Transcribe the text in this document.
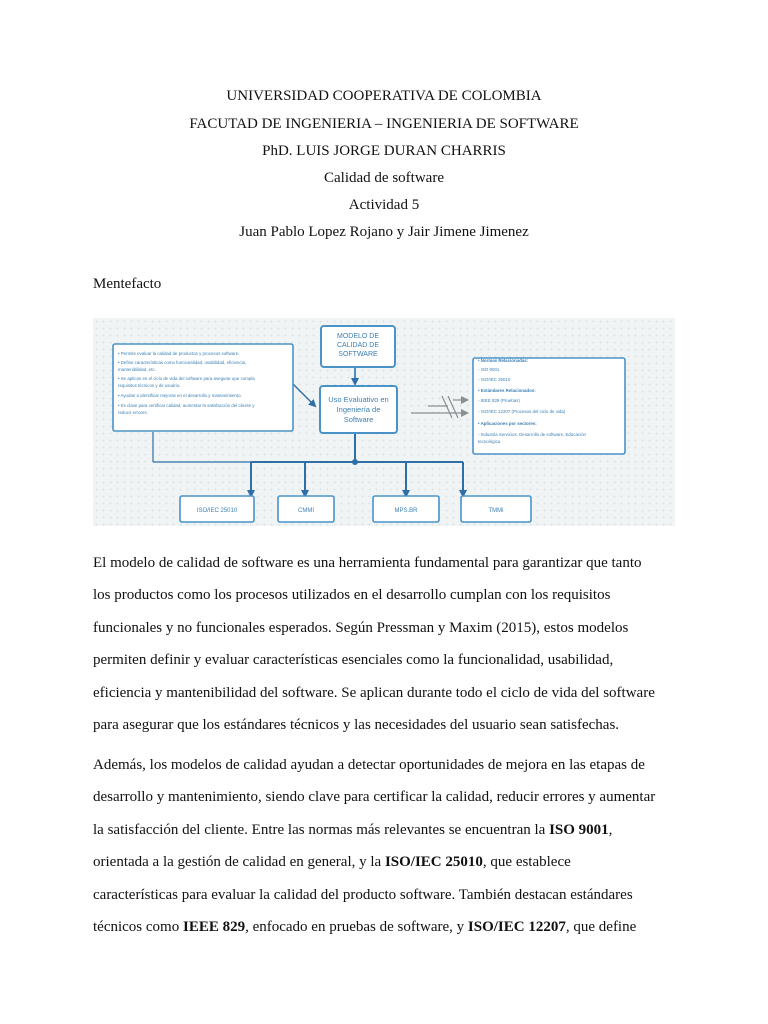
UNIVERSIDAD COOPERATIVA DE COLOMBIA
FACUTAD DE INGENIERIA – INGENIERIA DE SOFTWARE
PhD. LUIS JORGE DURAN CHARRIS
Calidad de software
Actividad 5
Juan Pablo Lopez Rojano y Jair Jimene Jimenez
Mentefacto
MODELO DE
CALIDAD DE
SOFTWARE
Uso Evaluativo en
Ingeniería de
Software
• Permite evaluar la calidad de productos y procesos software.
• Define características como funcionalidad, usabilidad, eficiencia,
mantenibilidad, etc.
• Se aplican en el ciclo de vida del software para asegurar que cumpla
requisitos técnicos y de usuario.
• Ayudan a identificar mejoras en el desarrollo y mantenimiento.
• Es clave para certificar calidad, aumentar la satisfacción del cliente y
reducir errores.
• Normas Relacionadas:
◦ ISO 9001
◦ ISO/IEC 25010
• Estándares Relacionados:
◦ IEEE 829 (Pruebas)
◦ ISO/IEC 12207 (Procesos del ciclo de vida)
• Aplicaciones por sectores:
◦ Industria Servicios, Desarrollo de software, Educación
tecnológica
ISO/IEC 25010	CMMI	MPS.BR	TMMi

El modelo de calidad de software es una herramienta fundamental para garantizar que tanto

los productos como los procesos utilizados en el desarrollo cumplan con los requisitos

funcionales y no funcionales esperados. Según Pressman y Maxim (2015), estos modelos

permiten definir y evaluar características esenciales como la funcionalidad, usabilidad,

eficiencia y mantenibilidad del software. Se aplican durante todo el ciclo de vida del software

para asegurar que los estándares técnicos y las necesidades del usuario sean satisfechas.

Además, los modelos de calidad ayudan a detectar oportunidades de mejora en las etapas de

desarrollo y mantenimiento, siendo clave para certificar la calidad, reducir errores y aumentar

la satisfacción del cliente. Entre las normas más relevantes se encuentran la ISO 9001,

orientada a la gestión de calidad en general, y la ISO/IEC 25010, que establece

características para evaluar la calidad del producto software. También destacan estándares

técnicos como IEEE 829, enfocado en pruebas de software, y ISO/IEC 12207, que define
